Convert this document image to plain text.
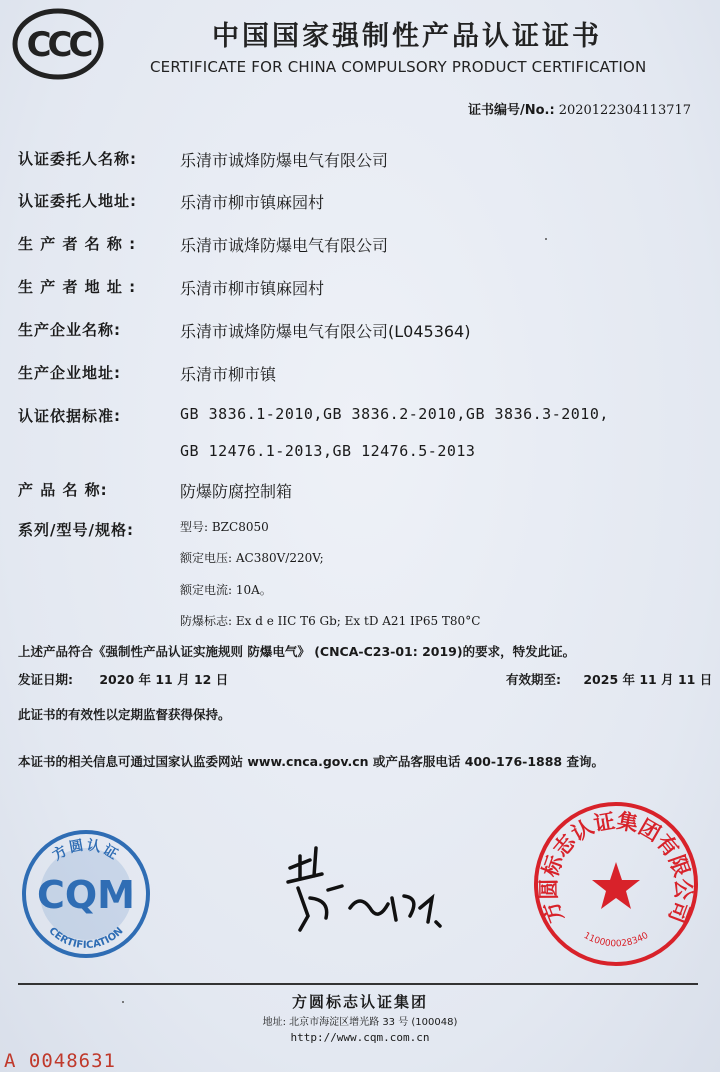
CCC	中国国家强制性产品认证证书
CERTIFICATE FOR CHINA COMPULSORY PRODUCT CERTIFICATION
证书编号/No.: 2020122304113717
认证委托人名称:	乐清市诚烽防爆电气有限公司
认证委托人地址:	乐清市柳市镇麻园村
生 产 者 名 称 :	乐清市诚烽防爆电气有限公司
生 产 者 地 址 :	乐清市柳市镇麻园村
生产企业名称:	乐清市诚烽防爆电气有限公司(L045364)
生产企业地址:	乐清市柳市镇
认证依据标准:	GB 3836.1-2010,GB 3836.2-2010,GB 3836.3-2010,
GB 12476.1-2013,GB 12476.5-2013
产 品 名 称:	防爆防腐控制箱
系列/型号/规格:	型号: BZC8050
额定电压: AC380V/220V;
额定电流: 10A。
防爆标志: Ex d e IIC T6 Gb; Ex tD A21 IP65 T80°C
上述产品符合《强制性产品认证实施规则 防爆电气》 (CNCA-C23-01: 2019)的要求，特发此证。
发证日期: 2020 年 11 月 12 日	有效期至: 2025 年 11 月 11 日
此证书的有效性以定期监督获得保持。
本证书的相关信息可通过国家认监委网站 www.cnca.gov.cn 或产品客服电话 400-176-1888 查询。
方圆认证
CQM
CERTIFICATION	黄 鸿乐
方圆标志认证集团有限公司
110000028340
方圆标志认证集团
地址: 北京市海淀区增光路 33 号 (100048)
http://www.cqm.com.cn
A 0048631
